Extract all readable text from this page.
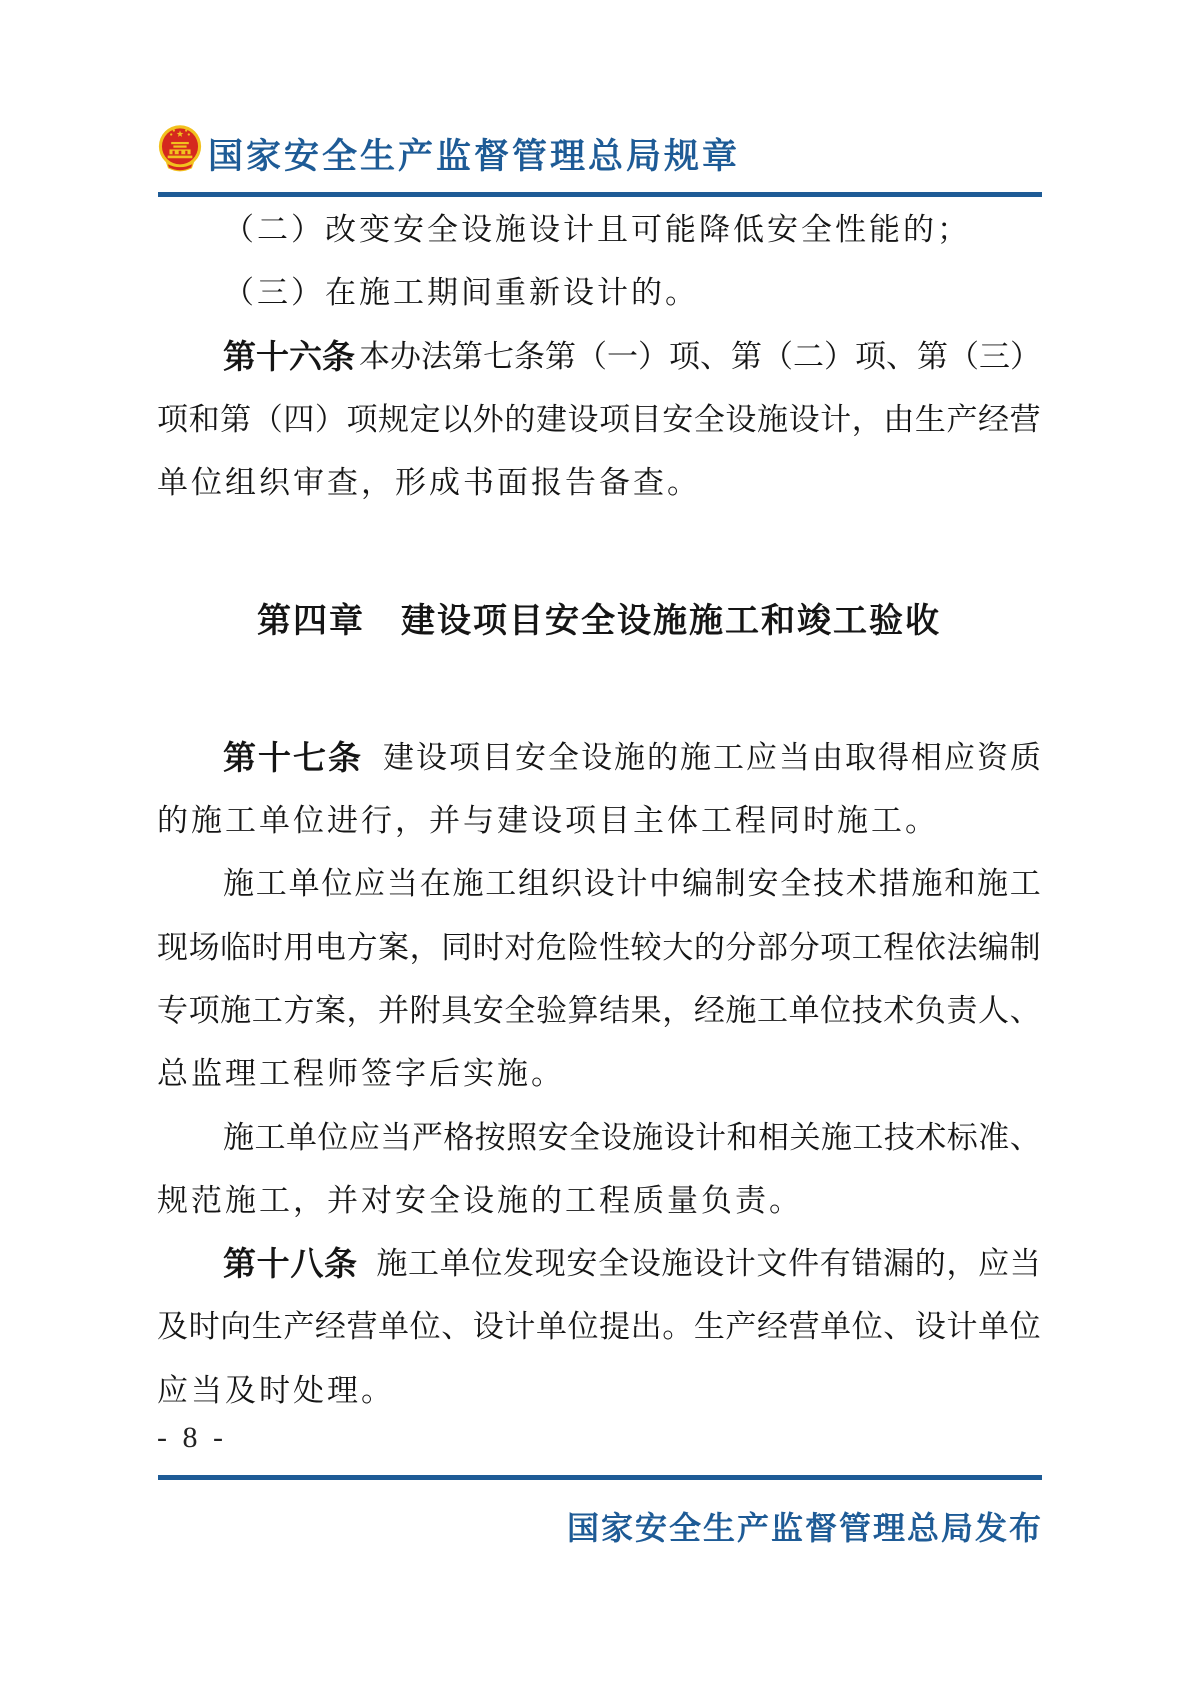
国家安全生产监督管理总局规章
（二）改变安全设施设计且可能降低安全性能的；
（三）在施工期间重新设计的。
第 十 六 条 本 办 法 第 七 条 第 （ 一 ） 项 、 第 （ 二 ） 项 、 第 （ 三 ）
项 和 第 （ 四 ） 项 规 定 以 外 的 建 设 项 目 安 全 设 施 设 计 ， 由 生 产 经 营
单位组织审查，形成书面报告备查。
第四章　建设项目安全设施施工和竣工验收
第 十 七 条 建 设 项 目 安 全 设 施 的 施 工 应 当 由 取 得 相 应 资 质
的施工单位进行，并与建设项目主体工程同时施工。
施 工 单 位 应 当 在 施 工 组 织 设 计 中 编 制 安 全 技 术 措 施 和 施 工
现 场 临 时 用 电 方 案 ， 同 时 对 危 险 性 较 大 的 分 部 分 项 工 程 依 法 编 制
专 项 施 工 方 案 ， 并 附 具 安 全 验 算 结 果 ， 经 施 工 单 位 技 术 负 责 人 、
总监理工程师签字后实施。
施 工 单 位 应 当 严 格 按 照 安 全 设 施 设 计 和 相 关 施 工 技 术 标 准 、
规范施工，并对安全设施的工程质量负责。
第 十 八 条 施 工 单 位 发 现 安 全 设 施 设 计 文 件 有 错 漏 的 ， 应 当
及 时 向 生 产 经 营 单 位 、 设 计 单 位 提 出 。 生 产 经 营 单 位 、 设 计 单 位
应当及时处理。
- 8 -
国家安全生产监督管理总局发布
